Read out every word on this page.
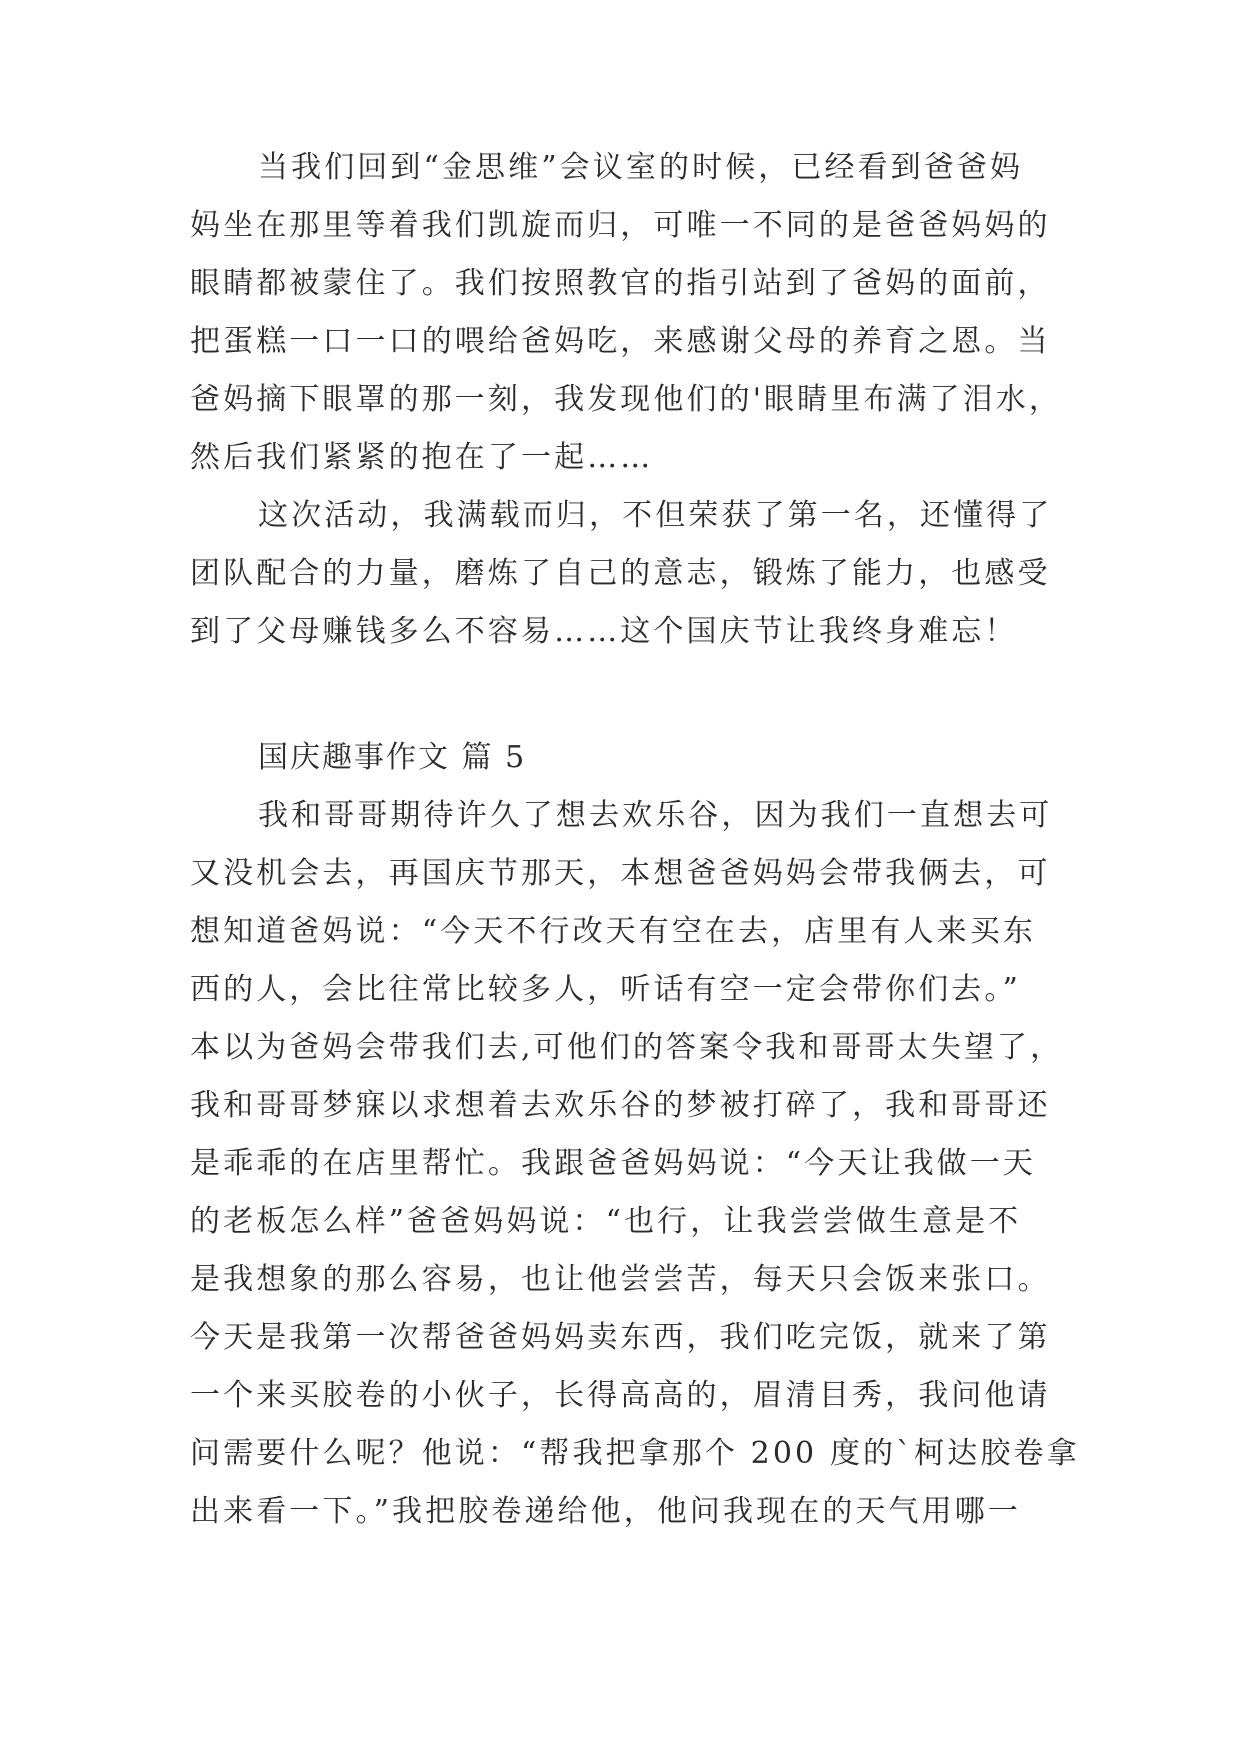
当我们回到“金思维”会议室的时候，已经看到爸爸妈
妈坐在那里等着我们凯旋而归，可唯一不同的是爸爸妈妈的
眼睛都被蒙住了。我们按照教官的指引站到了爸妈的面前，
把蛋糕一口一口的喂给爸妈吃，来感谢父母的养育之恩。当
爸妈摘下眼罩的那一刻，我发现他们的'眼睛里布满了泪水，
然后我们紧紧的抱在了一起……
这次活动，我满载而归，不但荣获了第一名，还懂得了
团队配合的力量，磨炼了自己的意志，锻炼了能力，也感受
到了父母赚钱多么不容易……这个国庆节让我终身难忘！
国庆趣事作文 篇 5
我和哥哥期待许久了想去欢乐谷，因为我们一直想去可
又没机会去，再国庆节那天，本想爸爸妈妈会带我俩去，可
想知道爸妈说：“今天不行改天有空在去，店里有人来买东
西的人，会比往常比较多人，听话有空一定会带你们去。”
本以为爸妈会带我们去,可他们的答案令我和哥哥太失望了，
我和哥哥梦寐以求想着去欢乐谷的梦被打碎了，我和哥哥还
是乖乖的在店里帮忙。我跟爸爸妈妈说：“今天让我做一天
的老板怎么样”爸爸妈妈说：“也行，让我尝尝做生意是不
是我想象的那么容易，也让他尝尝苦，每天只会饭来张口。
今天是我第一次帮爸爸妈妈卖东西，我们吃完饭，就来了第
一个来买胶卷的小伙子，长得高高的，眉清目秀，我问他请
问需要什么呢？他说：“帮我把拿那个 200 度的`柯达胶卷拿
出来看一下。”我把胶卷递给他，他问我现在的天气用哪一
